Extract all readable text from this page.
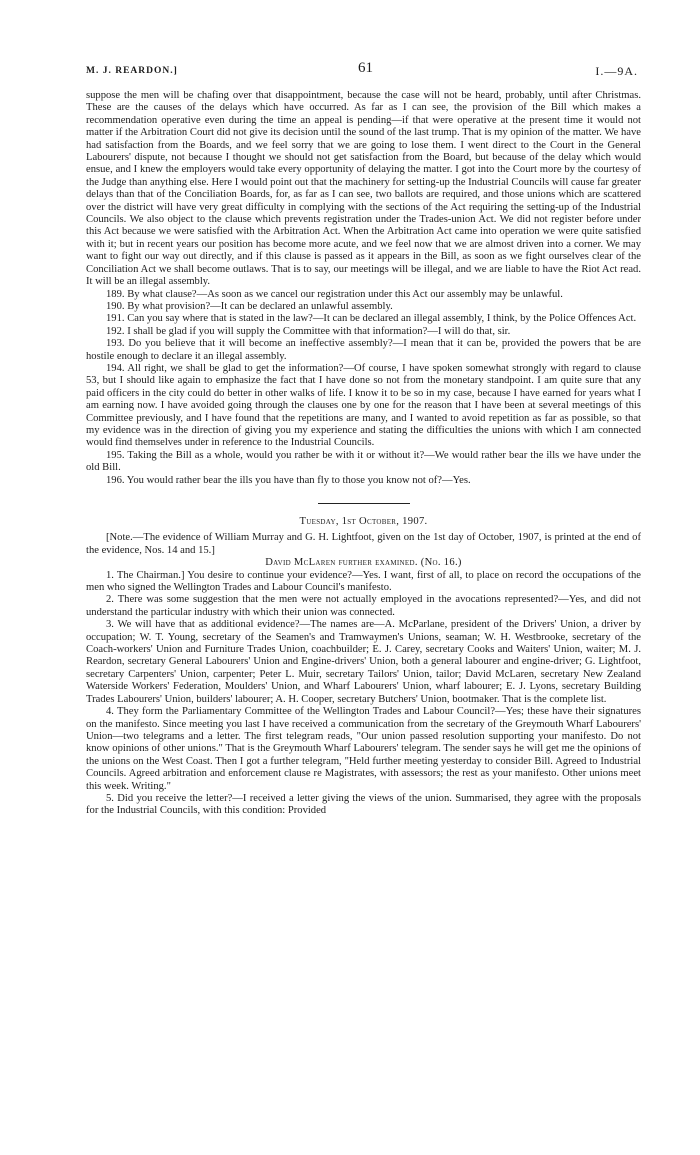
M. J. REARDON.]	61	I.—9A.

suppose the men will be chafing over that disappointment, because the case will not be heard, probably, until after Christmas. These are the causes of the delays which have occurred. As far as I can see, the provision of the Bill which makes a recommendation operative even during the time an appeal is pending—if that were operative at the present time it would not matter if the Arbitration Court did not give its decision until the sound of the last trump. That is my opinion of the matter. We have had satisfaction from the Boards, and we feel sorry that we are going to lose them. I went direct to the Court in the General Labourers' dispute, not because I thought we should not get satisfaction from the Board, but because of the delay which would ensue, and I knew the employers would take every opportunity of delaying the matter. I got into the Court more by the courtesy of the Judge than anything else. Here I would point out that the machinery for setting-up the Industrial Councils will cause far greater delays than that of the Conciliation Boards, for, as far as I can see, two ballots are required, and those unions which are scattered over the district will have very great difficulty in complying with the sections of the Act requiring the setting-up of the Industrial Councils. We also object to the clause which prevents registration under the Trades-union Act. We did not register before under this Act because we were satisfied with the Arbitration Act. When the Arbitration Act came into operation we were quite satisfied with it; but in recent years our position has become more acute, and we feel now that we are almost driven into a corner. We may want to fight our way out directly, and if this clause is passed as it appears in the Bill, as soon as we fight ourselves clear of the Conciliation Act we shall become outlaws. That is to say, our meetings will be illegal, and we are liable to have the Riot Act read. It will be an illegal assembly.

189. By what clause?—As soon as we cancel our registration under this Act our assembly may be unlawful.

190. By what provision?—It can be declared an unlawful assembly.

191. Can you say where that is stated in the law?—It can be declared an illegal assembly, I think, by the Police Offences Act.

192. I shall be glad if you will supply the Committee with that information?—I will do that, sir.

193. Do you believe that it will become an ineffective assembly?—I mean that it can be, provided the powers that be are hostile enough to declare it an illegal assembly.

194. All right, we shall be glad to get the information?—Of course, I have spoken somewhat strongly with regard to clause 53, but I should like again to emphasize the fact that I have done so not from the monetary standpoint. I am quite sure that any paid officers in the city could do better in other walks of life. I know it to be so in my case, because I have earned for years what I am earning now. I have avoided going through the clauses one by one for the reason that I have been at several meetings of this Committee previously, and I have found that the repetitions are many, and I wanted to avoid repetition as far as possible, so that my evidence was in the direction of giving you my experience and stating the difficulties the unions with which I am connected would find themselves under in reference to the Industrial Councils.

195. Taking the Bill as a whole, would you rather be with it or without it?—We would rather bear the ills we have under the old Bill.

196. You would rather bear the ills you have than fly to those you know not of?—Yes.

Tuesday, 1st October, 1907.

[Note.—The evidence of William Murray and G. H. Lightfoot, given on the 1st day of October, 1907, is printed at the end of the evidence, Nos. 14 and 15.]

David McLaren further examined. (No. 16.)

1. The Chairman.] You desire to continue your evidence?—Yes. I want, first of all, to place on record the occupations of the men who signed the Wellington Trades and Labour Council's manifesto.

2. There was some suggestion that the men were not actually employed in the avocations represented?—Yes, and did not understand the particular industry with which their union was connected.

3. We will have that as additional evidence?—The names are—A. McParlane, president of the Drivers' Union, a driver by occupation; W. T. Young, secretary of the Seamen's and Tramwaymen's Unions, seaman; W. H. Westbrooke, secretary of the Coach-workers' Union and Furniture Trades Union, coachbuilder; E. J. Carey, secretary Cooks and Waiters' Union, waiter; M. J. Reardon, secretary General Labourers' Union and Engine-drivers' Union, both a general labourer and engine-driver; G. Lightfoot, secretary Carpenters' Union, carpenter; Peter L. Muir, secretary Tailors' Union, tailor; David McLaren, secretary New Zealand Waterside Workers' Federation, Moulders' Union, and Wharf Labourers' Union, wharf labourer; E. J. Lyons, secretary Building Trades Labourers' Union, builders' labourer; A. H. Cooper, secretary Butchers' Union, bootmaker. That is the complete list.

4. They form the Parliamentary Committee of the Wellington Trades and Labour Council?—Yes; these have their signatures on the manifesto. Since meeting you last I have received a communication from the secretary of the Greymouth Wharf Labourers' Union—two telegrams and a letter. The first telegram reads, "Our union passed resolution supporting your manifesto. Do not know opinions of other unions." That is the Greymouth Wharf Labourers' telegram. The sender says he will get me the opinions of the unions on the West Coast. Then I got a further telegram, "Held further meeting yesterday to consider Bill. Agreed to Industrial Councils. Agreed arbitration and enforcement clause re Magistrates, with assessors; the rest as your manifesto. Other unions meet this week. Writing."

5. Did you receive the letter?—I received a letter giving the views of the union. Summarised, they agree with the proposals for the Industrial Councils, with this condition: Provided
